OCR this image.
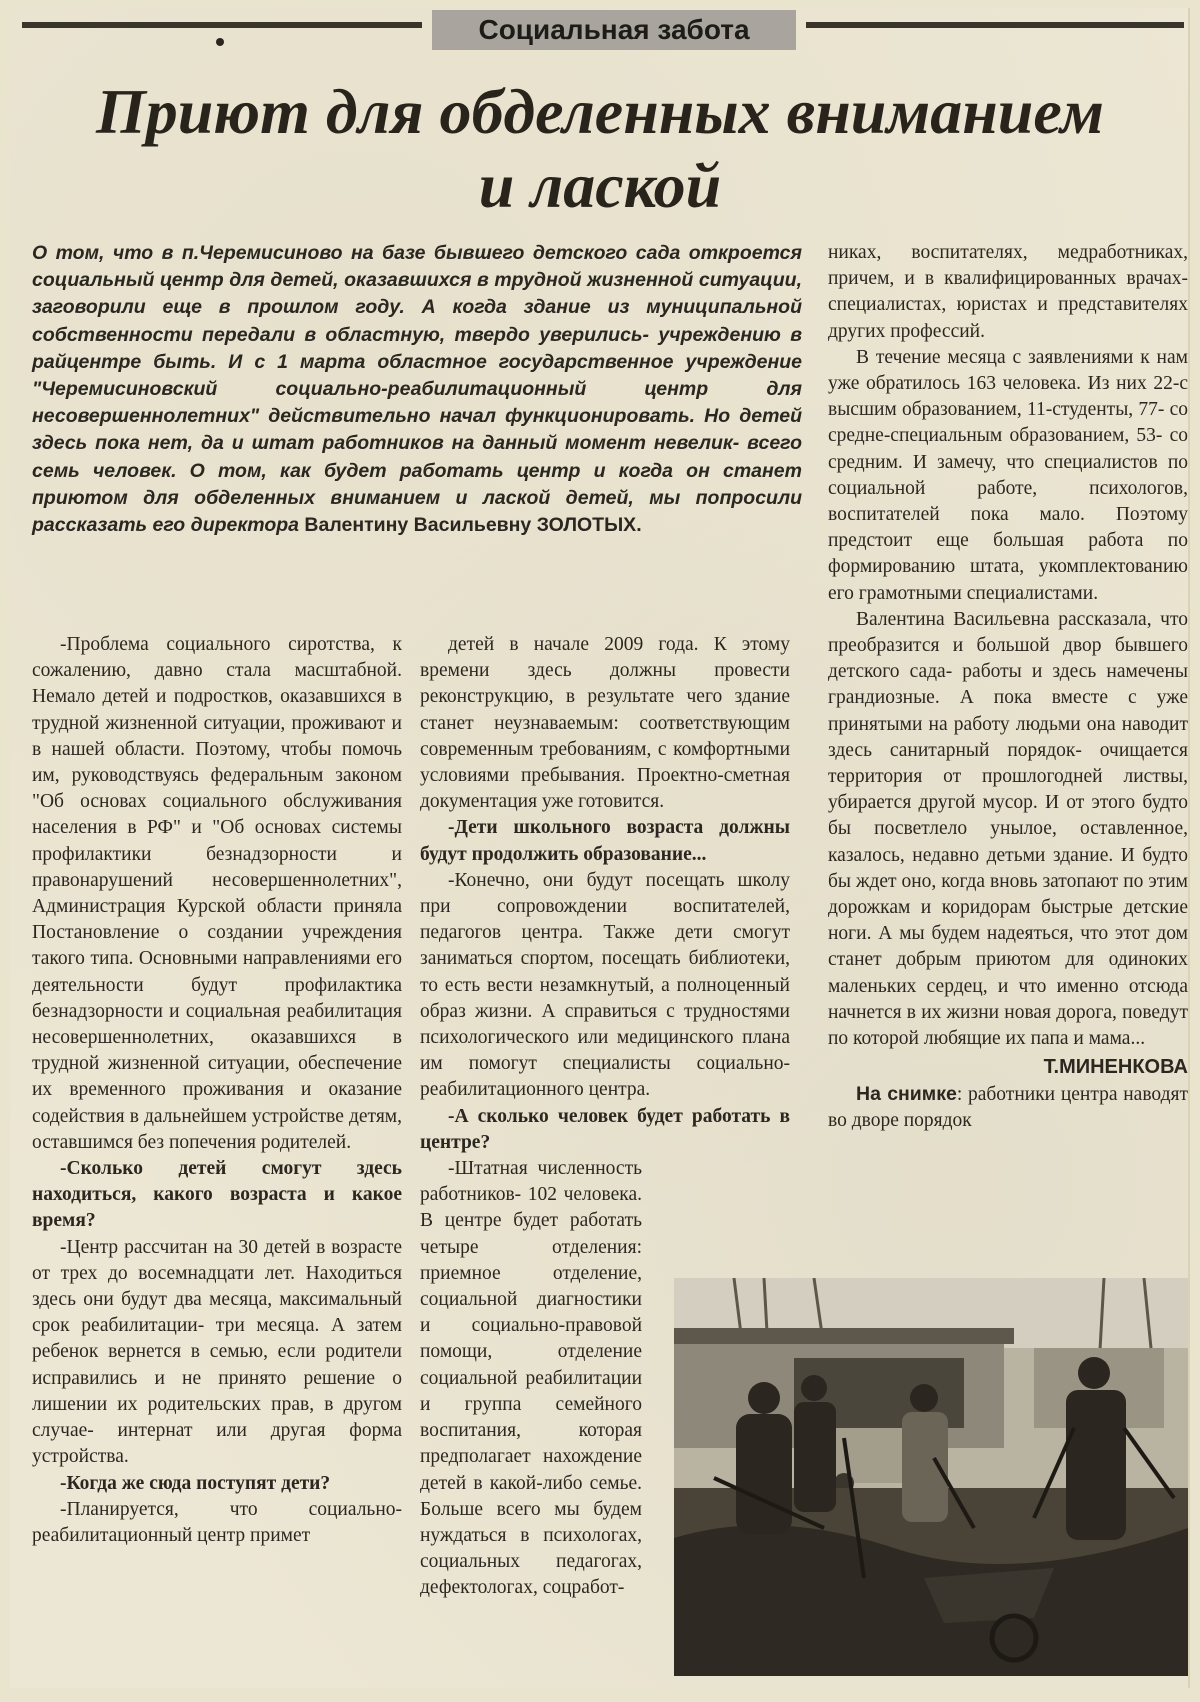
Социальная забота
Приют для обделенных вниманием
и лаской
О том, что в п.Черемисиново на базе бывшего детского сада откроется социальный центр для детей, оказавшихся в трудной жизненной ситуации, заговорили еще в прошлом году. А когда здание из муниципальной собственности передали в областную, твердо уверились- учреждению в райцентре быть. И с 1 марта областное государственное учреждение "Черемисиновский социально-реабилитационный центр для несовершеннолетних" действительно начал функционировать. Но детей здесь пока нет, да и штат работников на данный момент невелик- всего семь человек. О том, как будет работать центр и когда он станет приютом для обделенных вниманием и лаской детей, мы попросили рассказать его директора Валентину Васильевну ЗОЛОТЫХ.

-Проблема социального сиротства, к сожалению, давно стала масштабной. Немало детей и подростков, оказавшихся в трудной жизненной ситуации, проживают и в нашей области. Поэтому, чтобы помочь им, руководствуясь федеральным законом "Об основах социального обслуживания населения в РФ" и "Об основах системы профилактики безнадзорности и правонарушений несовершеннолетних", Администрация Курской области приняла Постановление о создании учреждения такого типа. Основными направлениями его деятельности будут профилактика безнадзорности и социальная реабилитация несовершеннолетних, оказавшихся в трудной жизненной ситуации, обеспечение их временного проживания и оказание содействия в дальнейшем устройстве детям, оставшимся без попечения родителей.

-Сколько детей смогут здесь находиться, какого возраста и какое время?

-Центр рассчитан на 30 детей в возрасте от трех до восемнадцати лет. Находиться здесь они будут два месяца, максимальный срок реабилитации- три месяца. А затем ребенок вернется в семью, если родители исправились и не принято решение о лишении их родительских прав, в другом случае- интернат или другая форма устройства.

-Когда же сюда поступят дети?

-Планируется, что социально-реабилитационный центр примет

детей в начале 2009 года. К этому времени здесь должны провести реконструкцию, в результате чего здание станет неузнаваемым: соответствующим современным требованиям, с комфортными условиями пребывания. Проектно-сметная документация уже готовится.

-Дети школьного возраста должны будут продолжить образование...

-Конечно, они будут посещать школу при сопровождении воспитателей, педагогов центра. Также дети смогут заниматься спортом, посещать библиотеки, то есть вести незамкнутый, а полноценный образ жизни. А справиться с трудностями психологического или медицинского плана им помогут специалисты социально-реабилитационного центра.

-А сколько человек будет работать в центре?

-Штатная численность работников- 102 человека. В центре будет работать четыре отделения: приемное отделение, социальной диагностики и социально-правовой помощи, отделение социальной реабилитации и группа семейного воспитания, которая предполагает нахождение детей в какой-либо семье. Больше всего мы будем нуждаться в психологах, социальных педагогах, дефектологах, соцработ-

никах, воспитателях, медработниках, причем, и в квалифицированных врачах-специалистах, юристах и представителях других профессий.

В течение месяца с заявлениями к нам уже обратилось 163 человека. Из них 22-с высшим образованием, 11-студенты, 77- со средне-специальным образованием, 53- со средним. И замечу, что специалистов по социальной работе, психологов, воспитателей пока мало. Поэтому предстоит еще большая работа по формированию штата, укомплектованию его грамотными специалистами.

Валентина Васильевна рассказала, что преобразится и большой двор бывшего детского сада- работы и здесь намечены грандиозные. А пока вместе с уже принятыми на работу людьми она наводит здесь санитарный порядок- очищается территория от прошлогодней листвы, убирается другой мусор. И от этого будто бы посветлело унылое, оставленное, казалось, недавно детьми здание. И будто бы ждет оно, когда вновь затопают по этим дорожкам и коридорам быстрые детские ноги. А мы будем надеяться, что этот дом станет добрым приютом для одиноких маленьких сердец, и что именно отсюда начнется в их жизни новая дорога, поведут по которой любящие их папа и мама...

Т.МИНЕНКОВА

На снимке: работники центра наводят во дворе порядок
